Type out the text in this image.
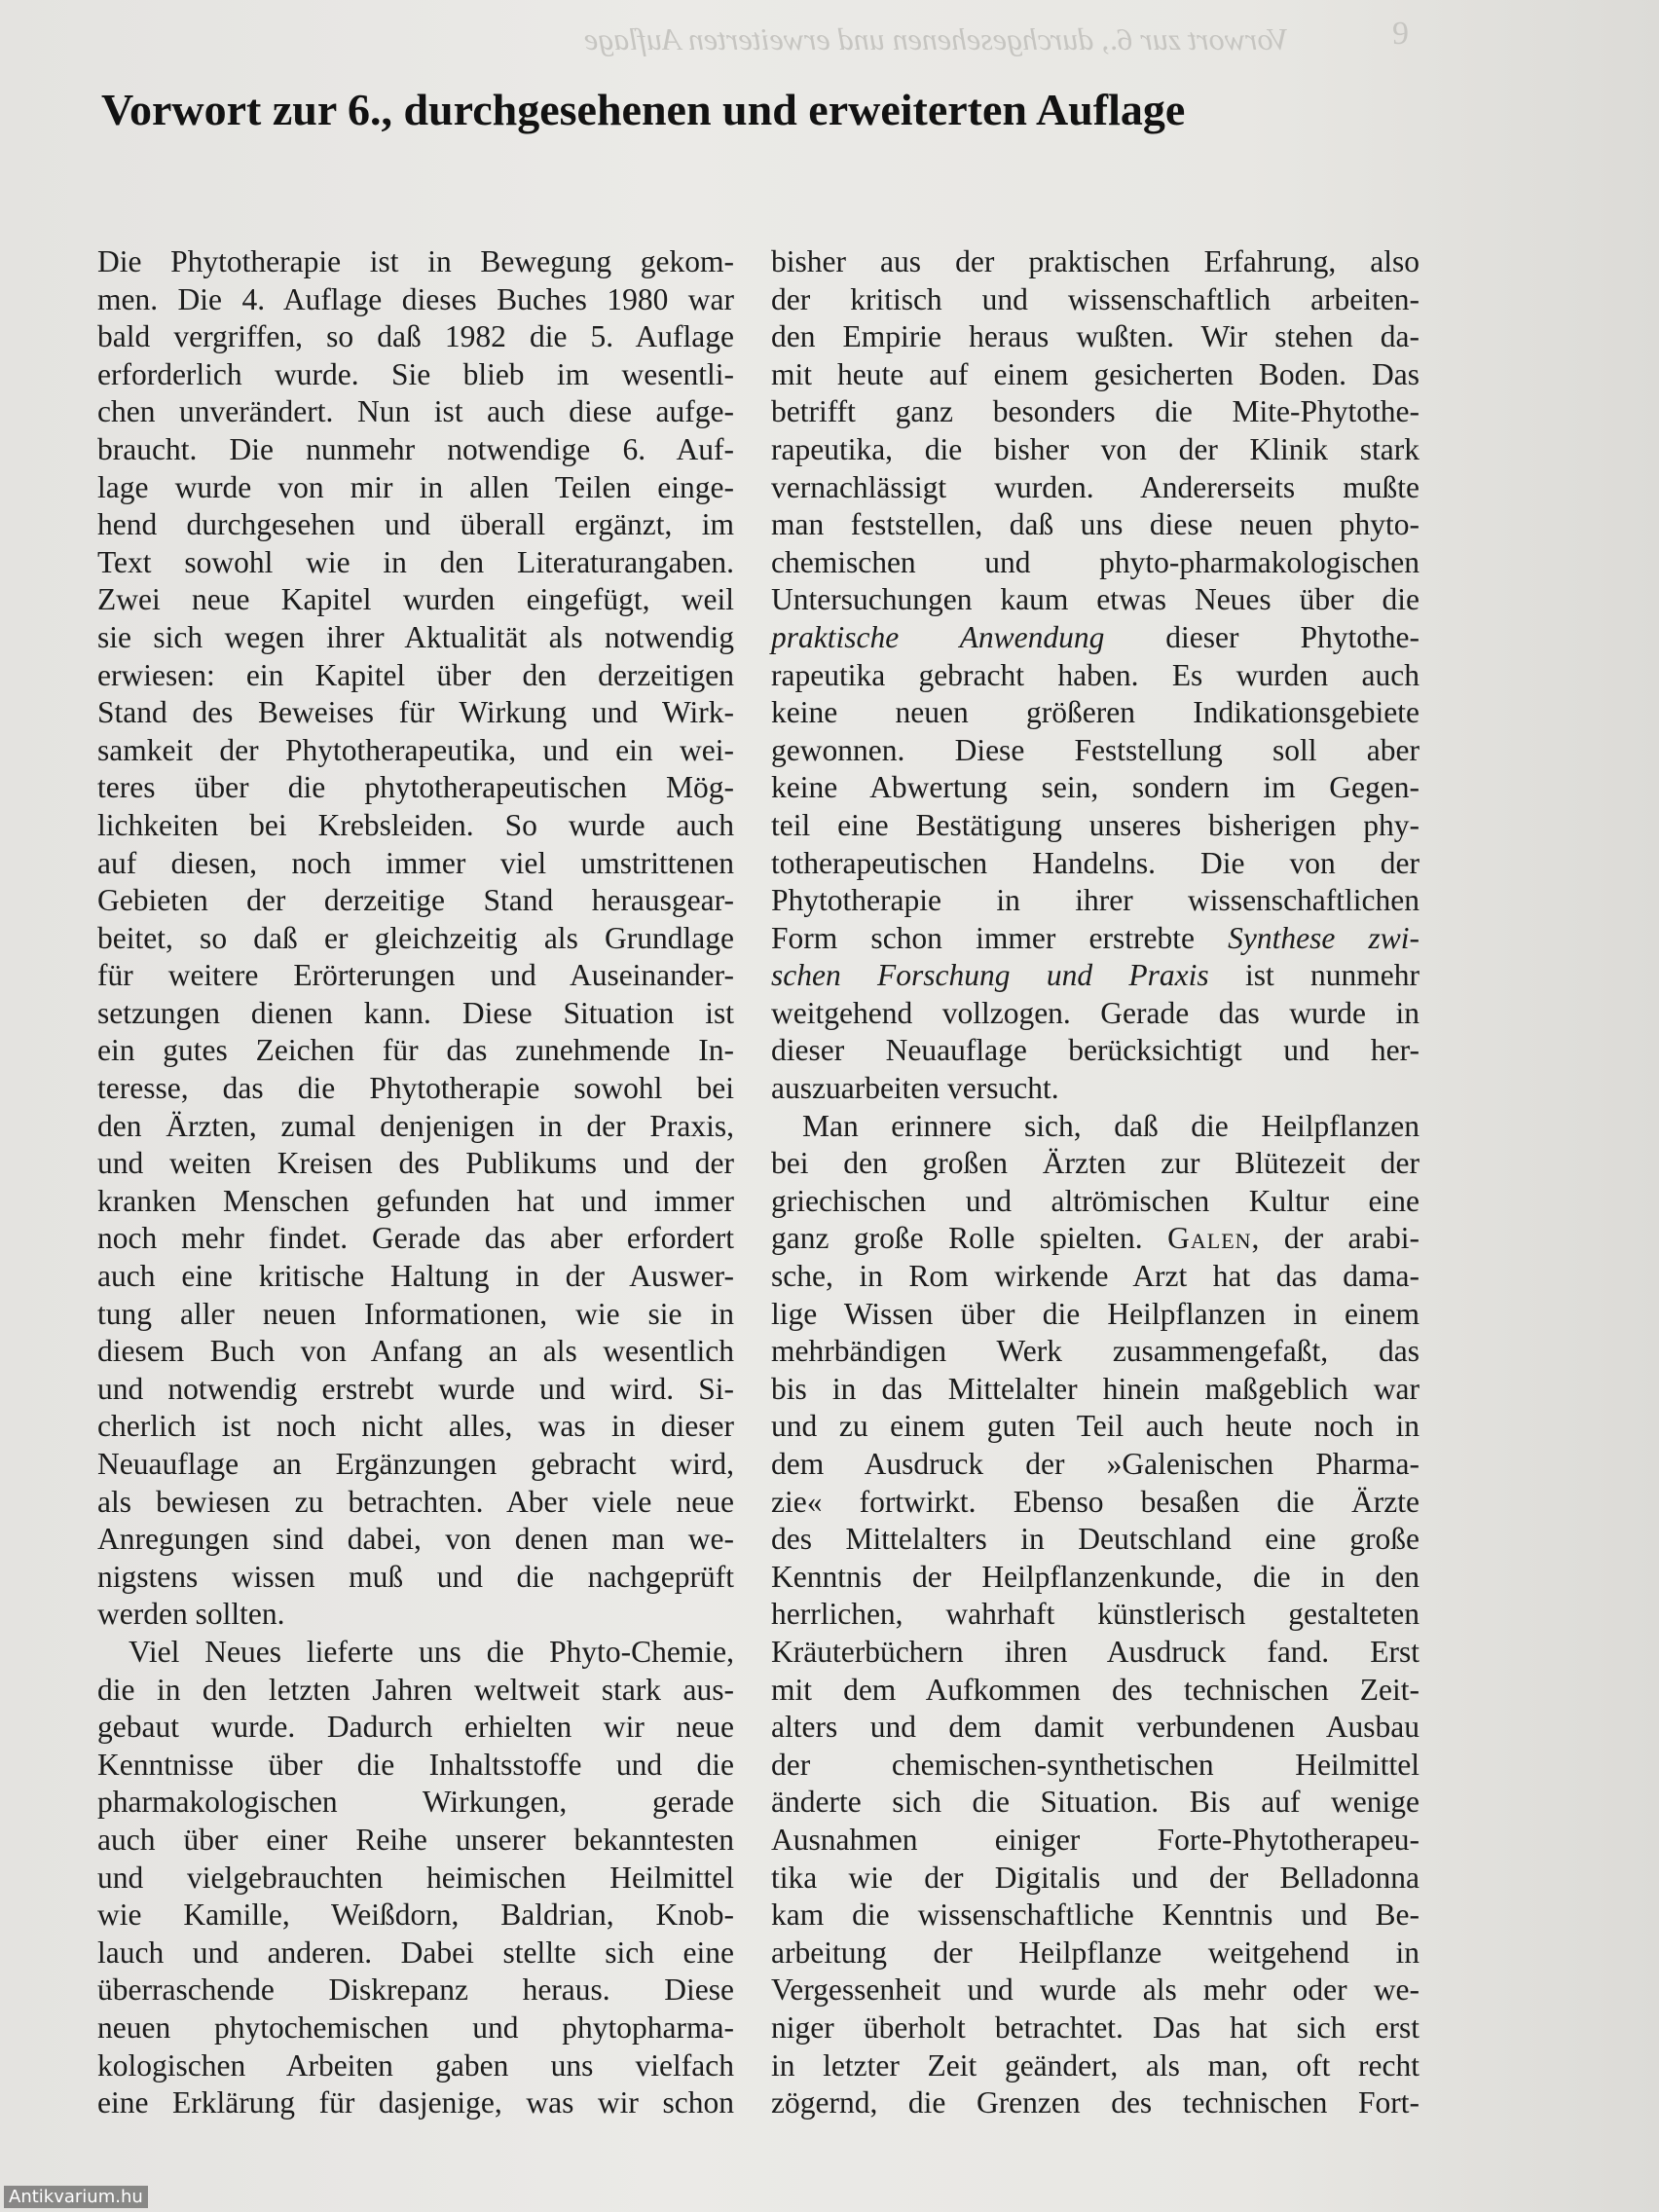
Vorwort zur 6., durchgesehenen und erweiterten Auflage	9
Vorwort zur 6., durchgesehenen und erweiterten Auflage
Die Phytotherapie ist in Bewegung gekom-
men. Die 4. Auflage dieses Buches 1980 war
bald vergriffen, so daß 1982 die 5. Auflage
erforderlich wurde. Sie blieb im wesentli-
chen unverändert. Nun ist auch diese aufge-
braucht. Die nunmehr notwendige 6. Auf-
lage wurde von mir in allen Teilen einge-
hend durchgesehen und überall ergänzt, im
Text sowohl wie in den Literaturangaben.
Zwei neue Kapitel wurden eingefügt, weil
sie sich wegen ihrer Aktualität als notwendig
erwiesen: ein Kapitel über den derzeitigen
Stand des Beweises für Wirkung und Wirk-
samkeit der Phytotherapeutika, und ein wei-
teres über die phytotherapeutischen Mög-
lichkeiten bei Krebsleiden. So wurde auch
auf diesen, noch immer viel umstrittenen
Gebieten der derzeitige Stand herausgear-
beitet, so daß er gleichzeitig als Grundlage
für weitere Erörterungen und Auseinander-
setzungen dienen kann. Diese Situation ist
ein gutes Zeichen für das zunehmende In-
teresse, das die Phytotherapie sowohl bei
den Ärzten, zumal denjenigen in der Praxis,
und weiten Kreisen des Publikums und der
kranken Menschen gefunden hat und immer
noch mehr findet. Gerade das aber erfordert
auch eine kritische Haltung in der Auswer-
tung aller neuen Informationen, wie sie in
diesem Buch von Anfang an als wesentlich
und notwendig erstrebt wurde und wird. Si-
cherlich ist noch nicht alles, was in dieser
Neuauflage an Ergänzungen gebracht wird,
als bewiesen zu betrachten. Aber viele neue
Anregungen sind dabei, von denen man we-
nigstens wissen muß und die nachgeprüft
werden sollten.
Viel Neues lieferte uns die Phyto-Chemie,
die in den letzten Jahren weltweit stark aus-
gebaut wurde. Dadurch erhielten wir neue
Kenntnisse über die Inhaltsstoffe und die
pharmakologischen Wirkungen, gerade
auch über einer Reihe unserer bekanntesten
und vielgebrauchten heimischen Heilmittel
wie Kamille, Weißdorn, Baldrian, Knob-
lauch und anderen. Dabei stellte sich eine
überraschende Diskrepanz heraus. Diese
neuen phytochemischen und phytopharma-
kologischen Arbeiten gaben uns vielfach
eine Erklärung für dasjenige, was wir schon
bisher aus der praktischen Erfahrung, also
der kritisch und wissenschaftlich arbeiten-
den Empirie heraus wußten. Wir stehen da-
mit heute auf einem gesicherten Boden. Das
betrifft ganz besonders die Mite-Phytothe-
rapeutika, die bisher von der Klinik stark
vernachlässigt wurden. Andererseits mußte
man feststellen, daß uns diese neuen phyto-
chemischen und phyto-pharmakologischen
Untersuchungen kaum etwas Neues über die
praktische Anwendung dieser Phytothe-
rapeutika gebracht haben. Es wurden auch
keine neuen größeren Indikationsgebiete
gewonnen. Diese Feststellung soll aber
keine Abwertung sein, sondern im Gegen-
teil eine Bestätigung unseres bisherigen phy-
totherapeutischen Handelns. Die von der
Phytotherapie in ihrer wissenschaftlichen
Form schon immer erstrebte Synthese zwi-
schen Forschung und Praxis ist nunmehr
weitgehend vollzogen. Gerade das wurde in
dieser Neuauflage berücksichtigt und her-
auszuarbeiten versucht.
Man erinnere sich, daß die Heilpflanzen
bei den großen Ärzten zur Blütezeit der
griechischen und altrömischen Kultur eine
ganz große Rolle spielten. Galen, der arabi-
sche, in Rom wirkende Arzt hat das dama-
lige Wissen über die Heilpflanzen in einem
mehrbändigen Werk zusammengefaßt, das
bis in das Mittelalter hinein maßgeblich war
und zu einem guten Teil auch heute noch in
dem Ausdruck der »Galenischen Pharma-
zie« fortwirkt. Ebenso besaßen die Ärzte
des Mittelalters in Deutschland eine große
Kenntnis der Heilpflanzenkunde, die in den
herrlichen, wahrhaft künstlerisch gestalteten
Kräuterbüchern ihren Ausdruck fand. Erst
mit dem Aufkommen des technischen Zeit-
alters und dem damit verbundenen Ausbau
der chemischen-synthetischen Heilmittel
änderte sich die Situation. Bis auf wenige
Ausnahmen einiger Forte-Phytotherapeu-
tika wie der Digitalis und der Belladonna
kam die wissenschaftliche Kenntnis und Be-
arbeitung der Heilpflanze weitgehend in
Vergessenheit und wurde als mehr oder we-
niger überholt betrachtet. Das hat sich erst
in letzter Zeit geändert, als man, oft recht
zögernd, die Grenzen des technischen Fort-
Antikvarium.hu
